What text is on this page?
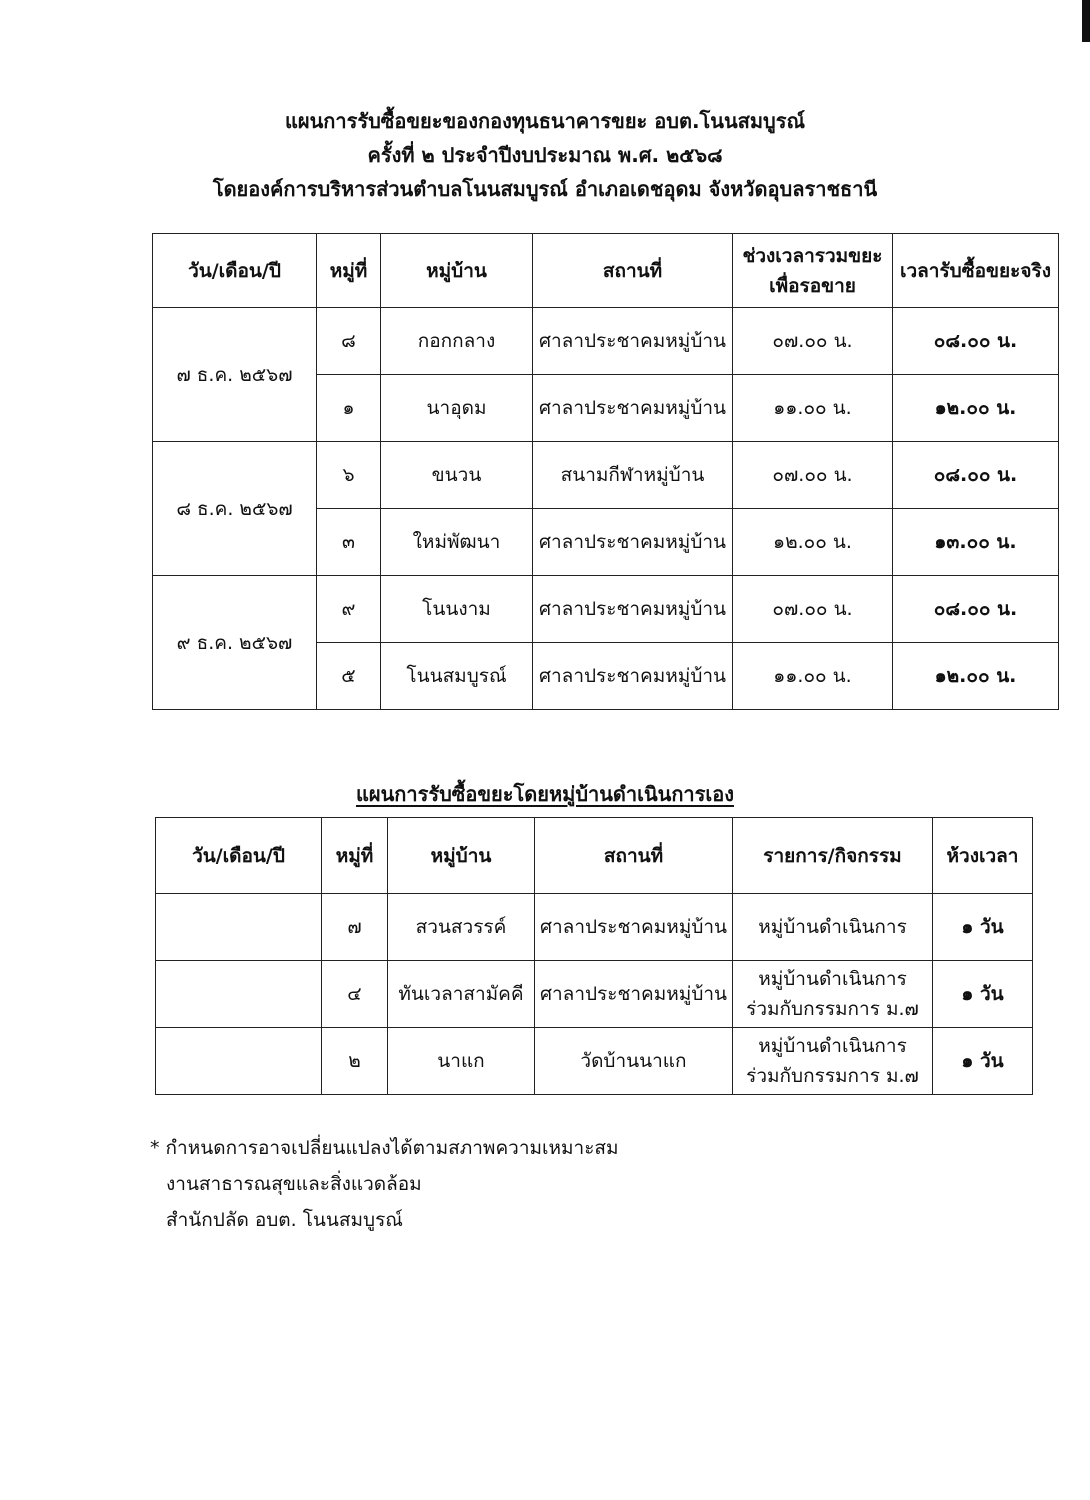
แผนการรับซื้อขยะของกองทุนธนาคารขยะ อบต.โนนสมบูรณ์
ครั้งที่ ๒ ประจำปีงบประมาณ พ.ศ. ๒๕๖๘
โดยองค์การบริหารส่วนตำบลโนนสมบูรณ์ อำเภอเดชอุดม จังหวัดอุบลราชธานี
วัน/เดือน/ปี	หมู่ที่	หมู่บ้าน	สถานที่	ช่วงเวลารวมขยะเพื่อรอขาย	เวลารับซื้อขยะจริง
๗ ธ.ค. ๒๕๖๗	๘	กอกกลาง	ศาลาประชาคมหมู่บ้าน	๐๗.๐๐ น.	๐๘.๐๐ น.
	๑	นาอุดม	ศาลาประชาคมหมู่บ้าน	๑๑.๐๐ น.	๑๒.๐๐ น.
๘ ธ.ค. ๒๕๖๗	๖	ขนวน	สนามกีฬาหมู่บ้าน	๐๗.๐๐ น.	๐๘.๐๐ น.
	๓	ใหม่พัฒนา	ศาลาประชาคมหมู่บ้าน	๑๒.๐๐ น.	๑๓.๐๐ น.
๙ ธ.ค. ๒๕๖๗	๙	โนนงาม	ศาลาประชาคมหมู่บ้าน	๐๗.๐๐ น.	๐๘.๐๐ น.
	๕	โนนสมบูรณ์	ศาลาประชาคมหมู่บ้าน	๑๑.๐๐ น.	๑๒.๐๐ น.
แผนการรับซื้อขยะโดยหมู่บ้านดำเนินการเอง
วัน/เดือน/ปี	หมู่ที่	หมู่บ้าน	สถานที่	รายการ/กิจกรรม	ห้วงเวลา
	๗	สวนสวรรค์	ศาลาประชาคมหมู่บ้าน	หมู่บ้านดำเนินการ	๑ วัน
	๔	ทันเวลาสามัคคี	ศาลาประชาคมหมู่บ้าน	หมู่บ้านดำเนินการ
ร่วมกับกรรมการ ม.๗	๑ วัน
	๒	นาแก	วัดบ้านนาแก	หมู่บ้านดำเนินการ
ร่วมกับกรรมการ ม.๗	๑ วัน
* กำหนดการอาจเปลี่ยนแปลงได้ตามสภาพความเหมาะสม
งานสาธารณสุขและสิ่งแวดล้อม
สำนักปลัด อบต. โนนสมบูรณ์
